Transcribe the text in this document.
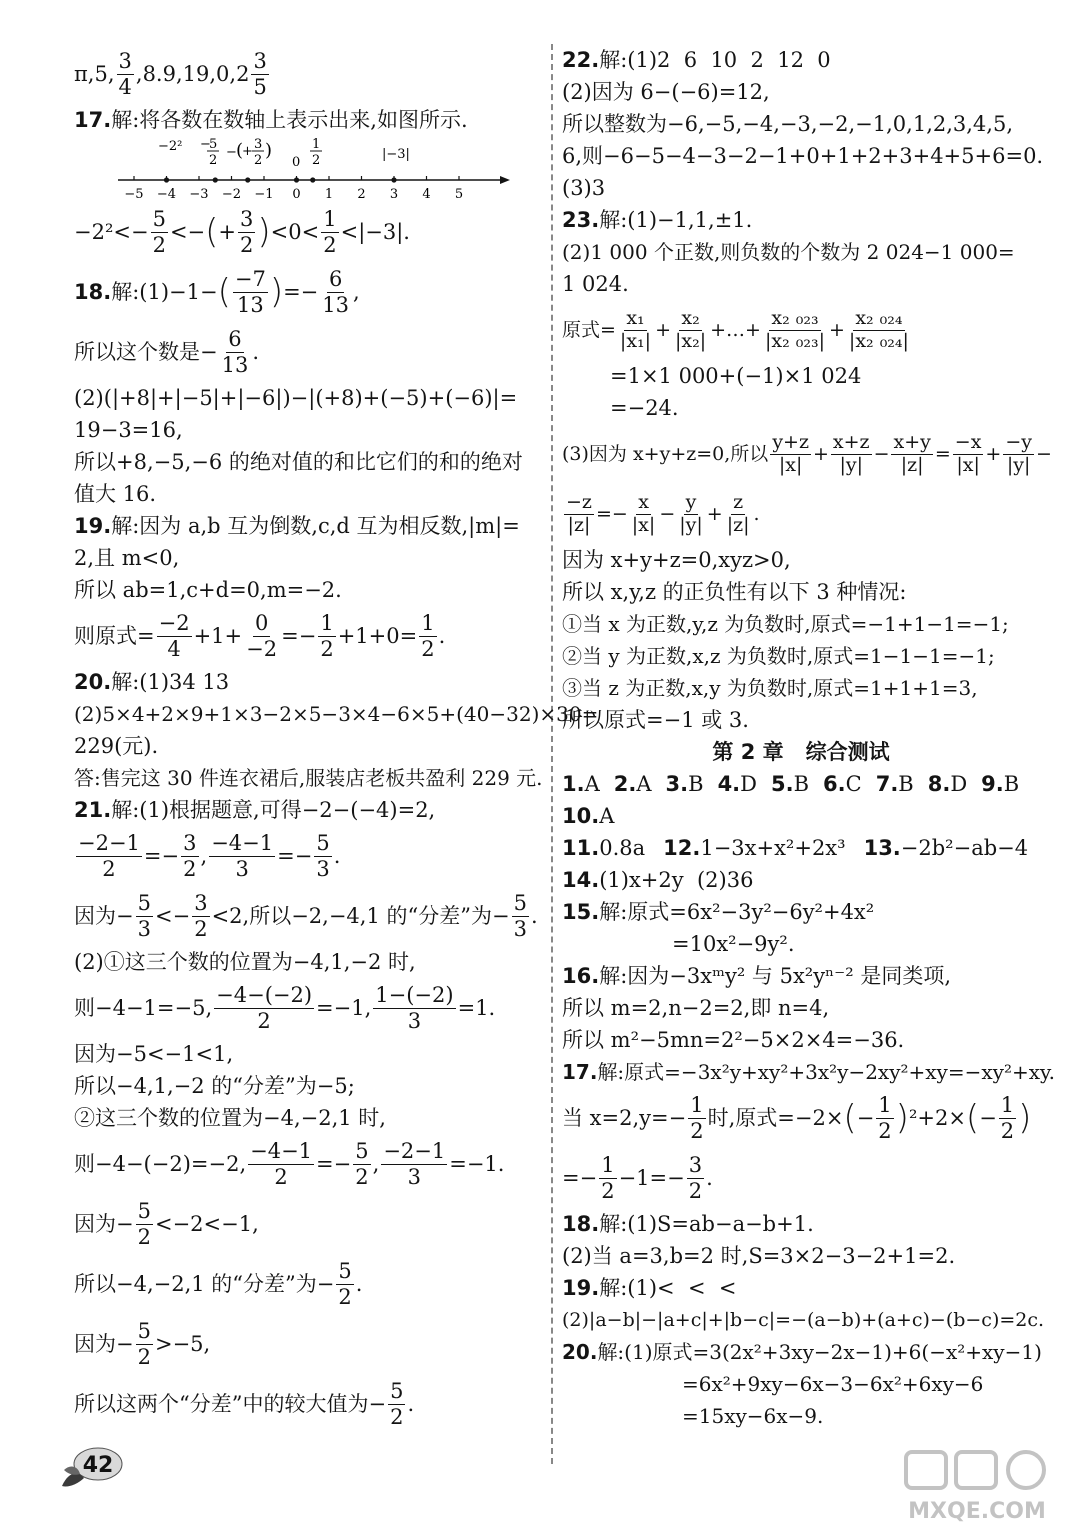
π,5, $\frac{3}{4} ,8.9,19,0,2 \frac{3}{5}$
17. 解:将各数在数轴上表示出来,如图所示.
−5 −4 −3 −2 −1 0 1 2 3 4 5
−2² −
5
2
− (
+ 3
2 )
0
1
2	|−3|
$-2^2<- \frac{5}{2}$ <− ( + $\frac{3}{2}$ ) $<0< \frac{1}{2} <|-3|$.
18. 解:(1)−1− ( $\frac{-7}{13}$ ) =− $\frac{6}{13}$ ,
所以这个数是− $\frac{6}{13}$ .
(2)(|+8|+|−5|+|−6|)−|(+8)+(−5)+(−6)|=
19−3=16,
所以+8,−5,−6 的绝对值的和比它们的和的绝对
值大 16.
19. 解:因为 a,b 互为倒数,c,d 互为相反数,|m|=
2,且 m<0,
所以 ab=1,c+d=0,m=−2.
则原式= $\frac{-2}{4} +1+ \frac{0}{-2} =- \frac{1}{2} +1+0= \frac{1}{2}$ .
20. 解:(1)34 13
(2)5×4+2×9+1×3−2×5−3×4−6×5+(40−32)×30=
229(元).
答:售完这 30 件连衣裙后,服装店老板共盈利 229 元.
21. 解:(1)根据题意,可得−2−(−4)=2,
$\frac{-2-1}{2} =- \frac{3}{2}$ , $\frac{-4-1}{3} =- \frac{5}{3}$ .
因为− $\frac{5}{3} <- \frac{3}{2} <2$,所以−2,−4,1 的“分差”为− $\frac{5}{3}$ .
(2)①这三个数的位置为−4,1,−2 时,
则−4−1=−5, $\frac{-4-(-2)}{2} =-1$, $\frac{1-(-2)}{3} =1$.
因为−5<−1<1,
所以−4,1,−2 的“分差”为−5;
②这三个数的位置为−4,−2,1 时,
则−4−(−2)=−2, $\frac{-4-1}{2} =- \frac{5}{2}$ , $\frac{-2-1}{3} =-1$.
因为− $\frac{5}{2} <-2<-1$,
所以−4,−2,1 的“分差”为− $\frac{5}{2}$ .
因为− $\frac{5}{2} >-5$,
所以这两个“分差”中的较大值为− $\frac{5}{2}$ .
22. 解:(1)2  6  10  2  12  0
(2)因为 6−(−6)=12,
所以整数为−6,−5,−4,−3,−2,−1,0,1,2,3,4,5,
6,则−6−5−4−3−2−1+0+1+2+3+4+5+6=0.
(3)3
23. 解:(1)−1,1,±1.
(2)1 000 个正数,则负数的个数为 2 024−1 000=
1 024.
原式= $\frac{\text{x₁}}{\text{|x₁|}} + \frac{\text{x₂}}{\text{|x₂|}}$ +…+ $\frac{\text{x₂ ₀₂₃}}{\text{|x₂ ₀₂₃|}} + \frac{\text{x₂ ₀₂₄}}{\text{|x₂ ₀₂₄|}}$
=1×1 000+(−1)×1 024
=−24.
(3)因为 x+y+z=0,所以 $\frac{y+z}{|x|} + \frac{x+z}{|y|} - \frac{x+y}{|z|} = \frac{-x}{|x|} + \frac{-y}{|y|}$ −
$\frac{-z}{|z|} =- \frac{x}{|x|} - \frac{y}{|y|} + \frac{z}{|z|}$ .
因为 x+y+z=0,xyz>0,
所以 x,y,z 的正负性有以下 3 种情况:
①当 x 为正数,y,z 为负数时,原式=−1+1−1=−1;
②当 y 为正数,x,z 为负数时,原式=1−1−1=−1;
③当 z 为正数,x,y 为负数时,原式=1+1+1=3,
所以原式=−1 或 3.
第 2 章   综合测试
1. A 2. A 3. B 4. D 5. B 6. C 7. B 8. D 9. B
10. A
11. 0.8a 12. 1−3x+x²+2x³ 13. −2b²−ab−4
14. (1)x+2y  (2)36
15. 解:原式=6x²−3y²−6y²+4x²
=10x²−9y².
16. 解:因为−3xᵐy² 与 5x²yⁿ⁻² 是同类项,
所以 m=2,n−2=2,即 n=4,
所以 m²−5mn=2²−5×2×4=−36.
17. 解:原式=−3x²y+xy²+3x²y−2xy²+xy=−xy²+xy.
当 $x=2,y=- \frac{1}{2}$ 时,原式=−2× ( − $\frac{1}{2}$ ) ²+2× ( − $\frac{1}{2}$ )
=− $\frac{1}{2} -1=- \frac{3}{2}$ .
18. 解:(1)S=ab−a−b+1.
(2)当 a=3,b=2 时,S=3×2−3−2+1=2.
19. 解:(1)<  <  <
(2)|a−b|−|a+c|+|b−c|=−(a−b)+(a+c)−(b−c)=2c.
20. 解:(1)原式=3(2x²+3xy−2x−1)+6(−x²+xy−1)
=6x²+9xy−6x−3−6x²+6xy−6
=15xy−6x−9.
42
MXQE.COM
